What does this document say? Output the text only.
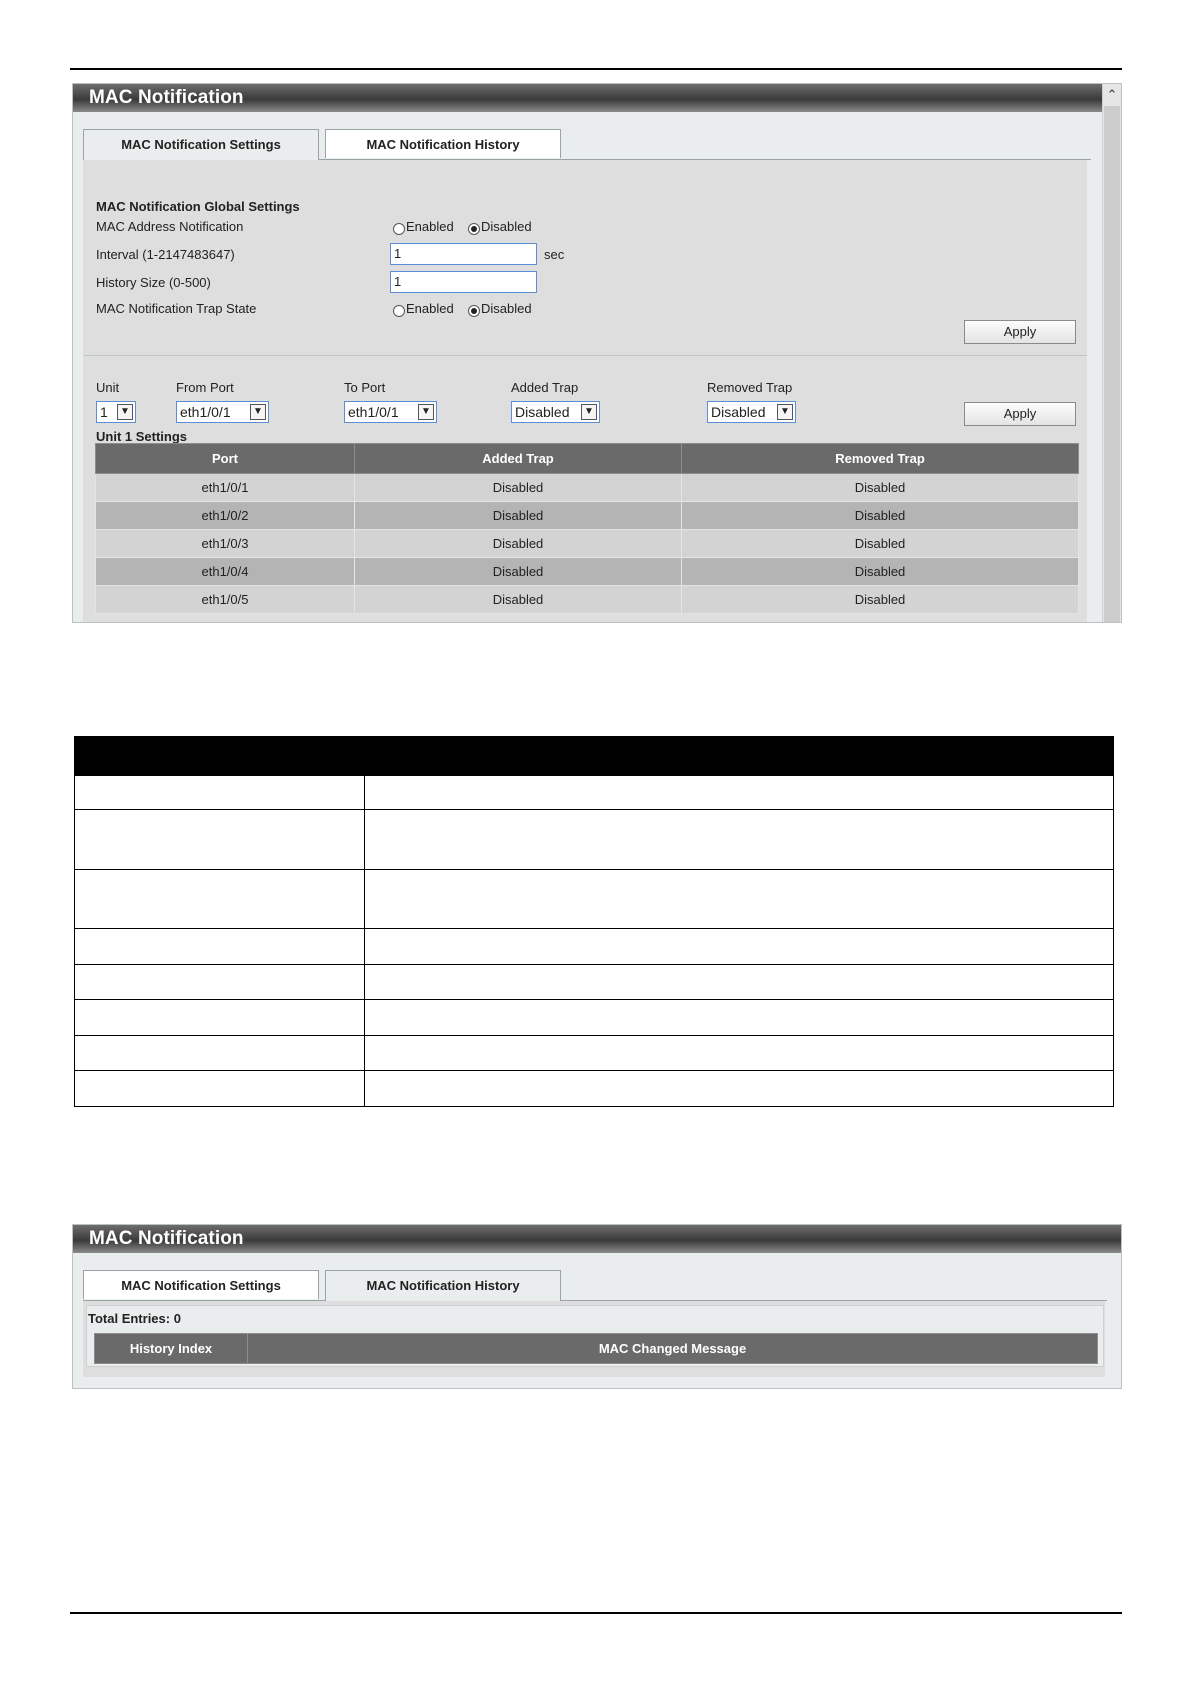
MAC Notification	⌃
MAC Notification Settings	MAC Notification History
MAC Notification Global Settings
MAC Address Notification	Enabled Disabled
Interval (1-2147483647)	1	sec
History Size (0-500)	1
MAC Notification Trap State	Enabled Disabled
Apply
Unit	From Port	To Port	Added Trap	Removed Trap
1	▼	eth1/0/1	▼	eth1/0/1	▼	Disabled	▼	Disabled	▼	Apply
Unit 1 Settings
Port	Added Trap	Removed Trap
eth1/0/1	Disabled	Disabled
eth1/0/2	Disabled	Disabled
eth1/0/3	Disabled	Disabled
eth1/0/4	Disabled	Disabled
eth1/0/5	Disabled	Disabled

MAC Notification
MAC Notification Settings	MAC Notification History
Total Entries: 0
History Index	MAC Changed Message
